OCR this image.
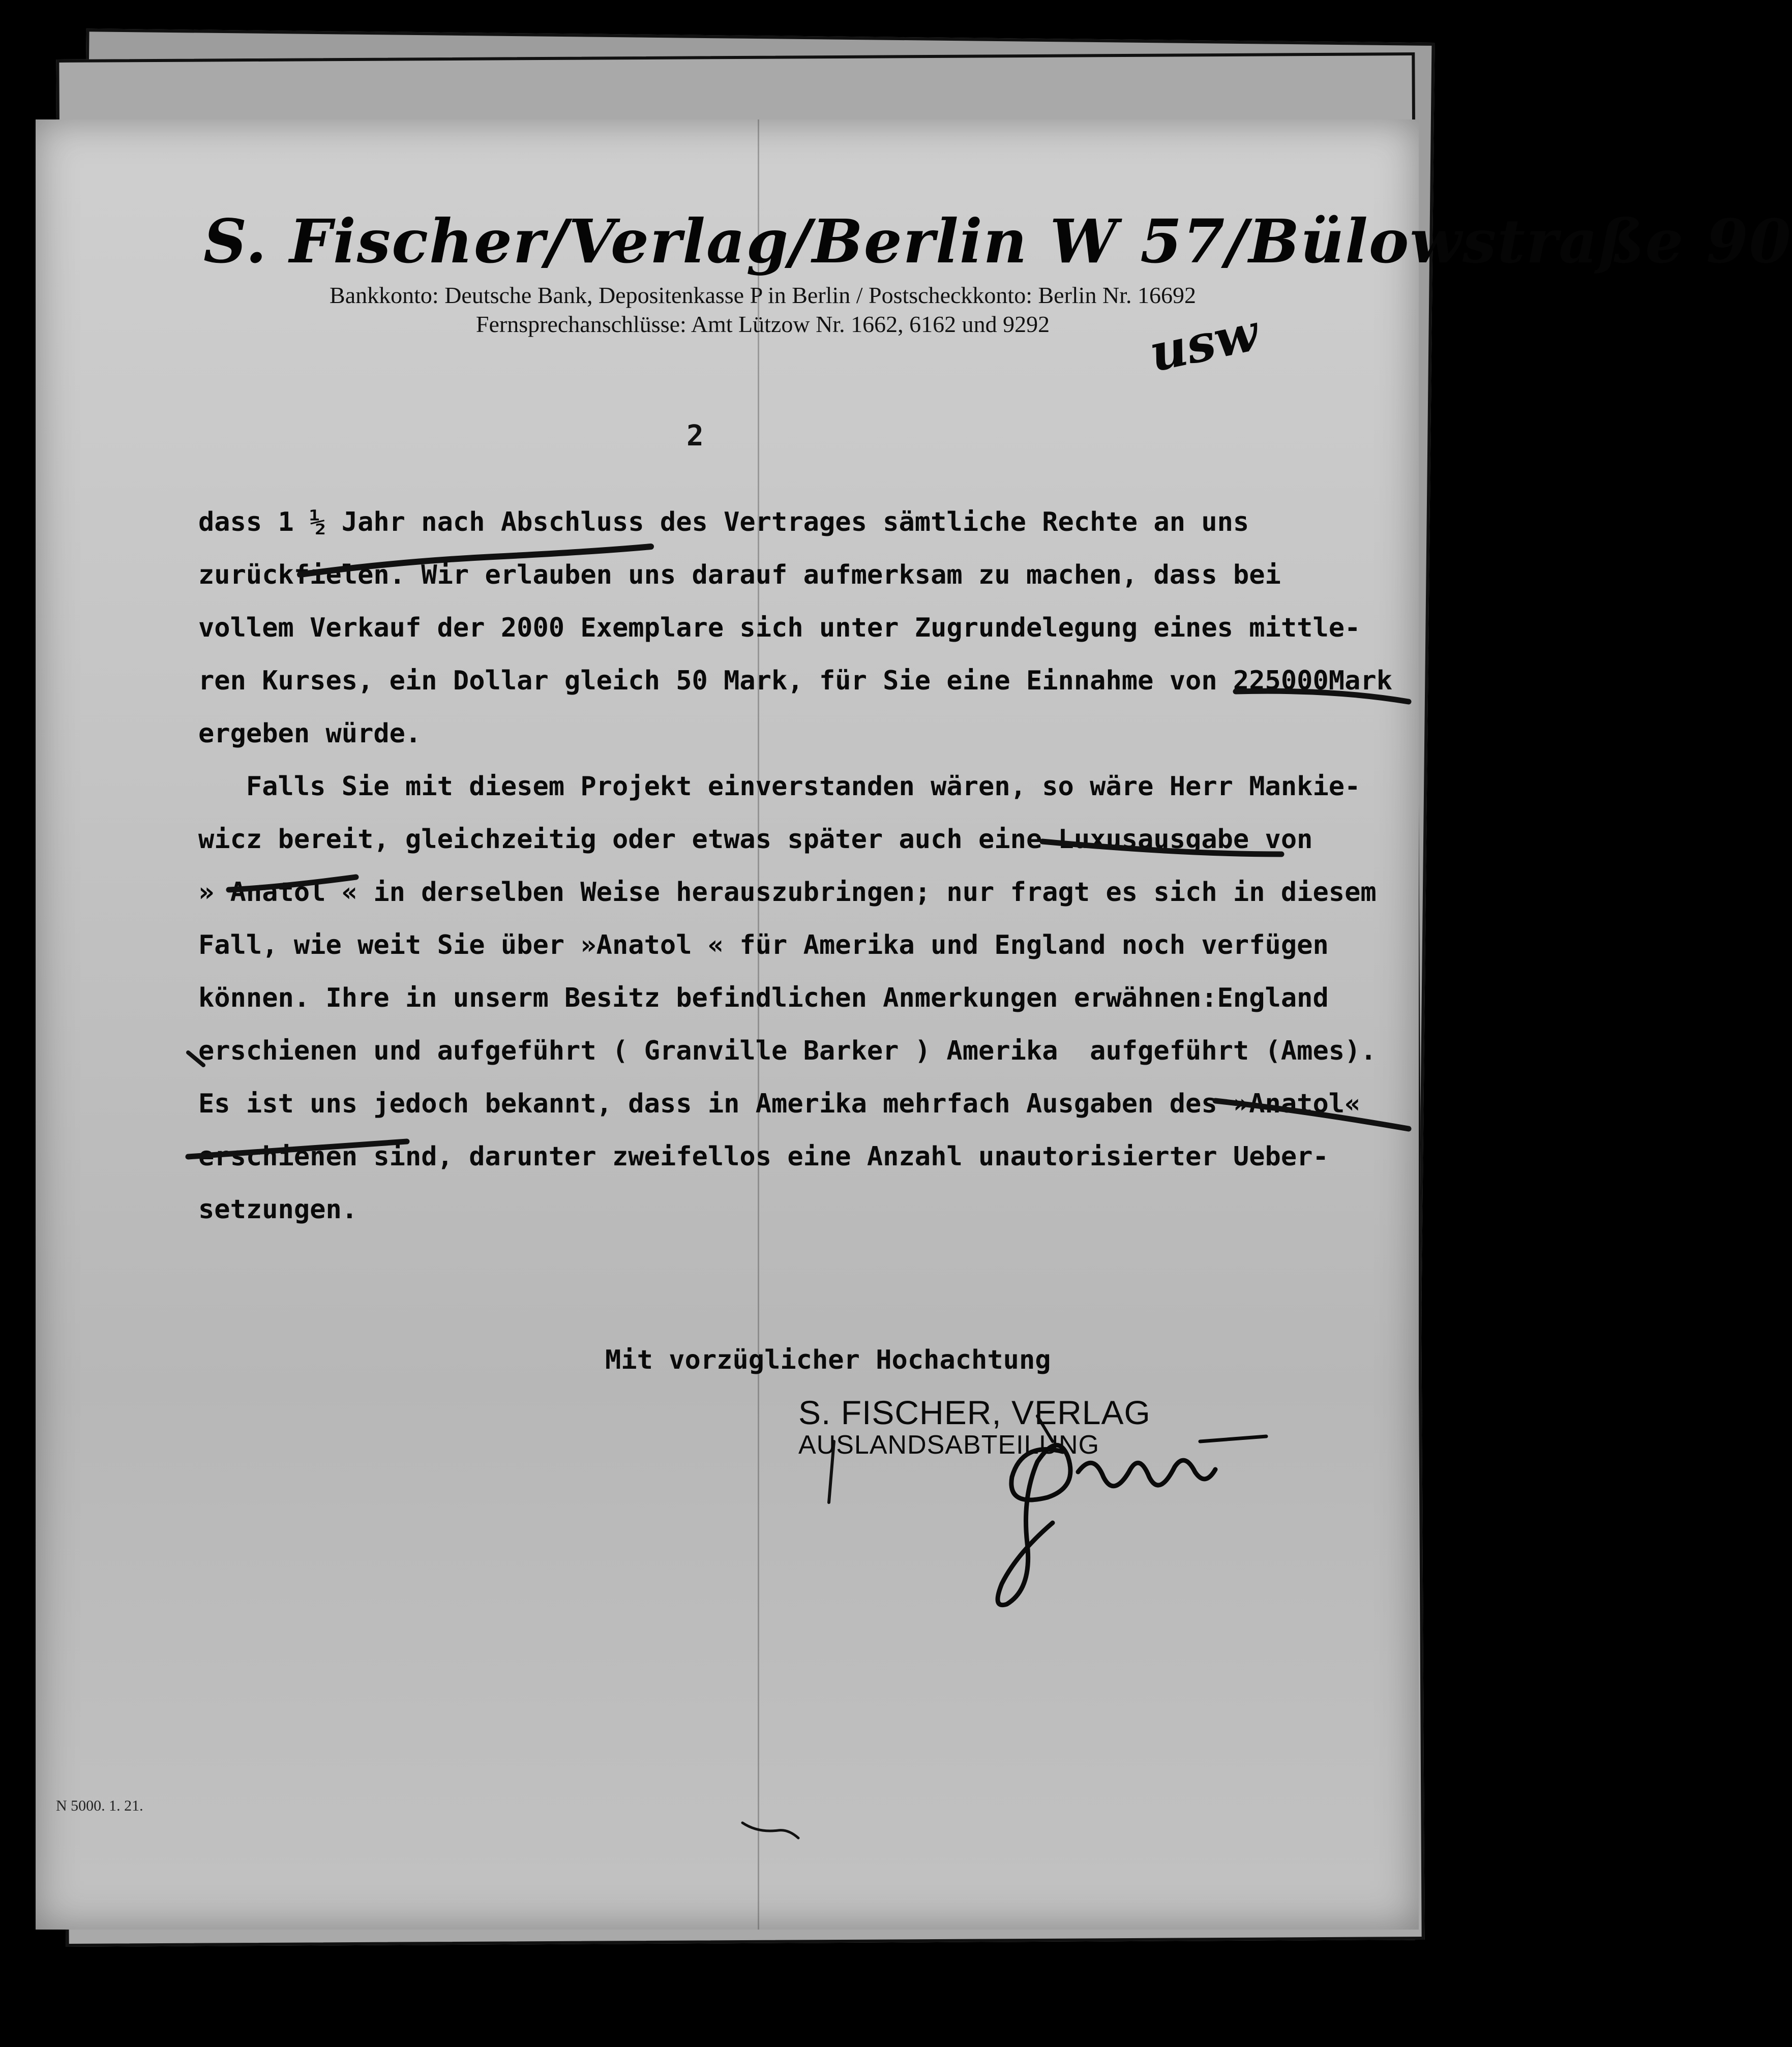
S. Fischer/Verlag/Berlin W 57/Bülowstraße 90
Bankkonto: Deutsche Bank, Depositenkasse P in Berlin / Postscheckkonto: Berlin Nr. 16692
Fernsprechanschlüsse: Amt Lützow Nr. 1662, 6162 und 9292	usw
2

dass 1 ½ Jahr nach Abschluss des Vertrages sämtliche Rechte an uns

zurückfielen. Wir erlauben uns darauf aufmerksam zu machen, dass bei

vollem Verkauf der 2000 Exemplare sich unter Zugrundelegung eines mittle-

ren Kurses, ein Dollar gleich 50 Mark, für Sie eine Einnahme von 225000Mark

ergeben würde.

Falls Sie mit diesem Projekt einverstanden wären, so wäre Herr Mankie-

wicz bereit, gleichzeitig oder etwas später auch eine Luxusausgabe von

» Anatol « in derselben Weise herauszubringen; nur fragt es sich in diesem

Fall, wie weit Sie über »Anatol « für Amerika und England noch verfügen

können. Ihre in unserm Besitz befindlichen Anmerkungen erwähnen:England

erschienen und aufgeführt ( Granville Barker ) Amerika  aufgeführt (Ames).

Es ist uns jedoch bekannt, dass in Amerika mehrfach Ausgaben des »Anatol«

erschienen sind, darunter zweifellos eine Anzahl unautorisierter Ueber-

setzungen.

Mit vorzüglicher Hochachtung
S. FISCHER, VERLAG
AUSLANDSABTEILUNG
N 5000. 1. 21.
